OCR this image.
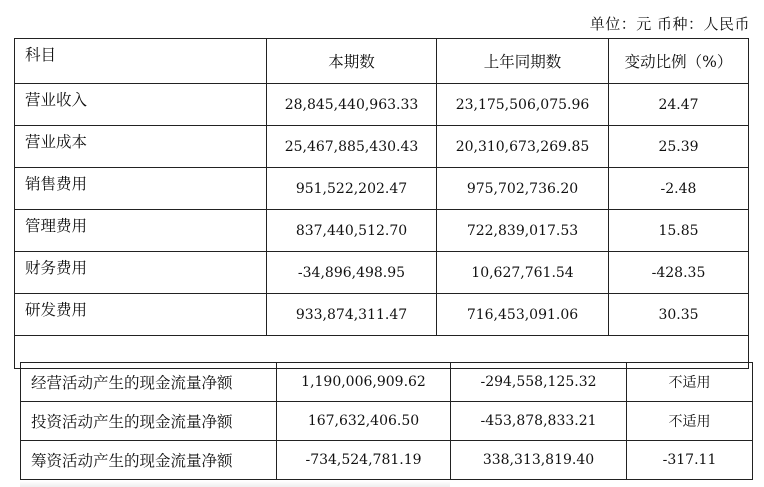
单位：元 币种：人民币
科目	本期数	上年同期数	变动比例（%）
营业收入	28,845,440,963.33	23,175,506,075.96	24.47
营业成本	25,467,885,430.43	20,310,673,269.85	25.39
销售费用	951,522,202.47	975,702,736.20	-2.48
管理费用	837,440,512.70	722,839,017.53	15.85
财务费用	-34,896,498.95	10,627,761.54	-428.35
研发费用	933,874,311.47	716,453,091.06	30.35

经营活动产生的现金流量净额	1,190,006,909.62	-294,558,125.32	不适用
投资活动产生的现金流量净额	167,632,406.50	-453,878,833.21	不适用
筹资活动产生的现金流量净额	-734,524,781.19	338,313,819.40	-317.11
